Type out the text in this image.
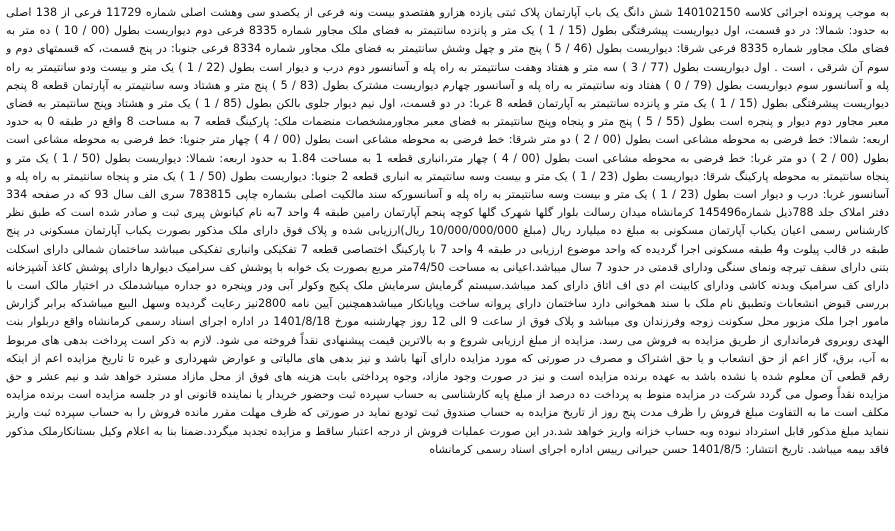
به موجب پرونده اجرائی کلاسه 140102150 شش دانگ یک باب آپارتمان پلاک ثبتی یازده هزارو هفتصدو بیست ونه فرعی از یکصدو سی وهشت اصلی شماره 11729 فرعی از 138 اصلی به حدود: شمالا: در دو قسمت، اول دیواریست پیشرفتگی بطول (15 / 1 ) یک متر و پانزده سانتیمتر به فضای ملک مجاور شماره 8335 فرعی دوم دیواریست بطول (00 / 10 ) ده متر به فضای ملک مجاور شماره 8335 فرعی شرقا: دیواریست بطول (46 / 5 ) پنج متر و چهل وشش سانتیمتر به فضای ملک مجاور شماره 8334 فرعی جنوبا: در پنج قسمت، که قسمتهای دوم و سوم آن شرقی ، است . اول دیواریست بطول (77 / 3 ) سه متر و هفتاد وهفت سانتیمتر به راه پله و آسانسور دوم درب و دیوار است بطول (22 / 1 ) یک متر و بیست ودو سانتیمتر به راه پله و آسانسور سوم دیواریست بطول (79 / 0 ) هفتاد ونه سانتیمتر به راه پله و آسانسور چهارم دیواریست مشترک بطول (83 / 5 ) پنج متر و هشتاد وسه سانتیمتر به آپارتمان قطعه 8 پنجم دیواریست پیشرفتگی بطول (15 / 1 ) یک متر و پانزده سانتیمتر به آپارتمان قطعه 8 غربا: در دو قسمت، اول نیم دیوار جلوی بالکن بطول (85 / 1 ) یک متر و هشتاد وپنج سانتیمتر به فضای معبر مجاور دوم دیوار و پنجره است بطول (55 / 5 ) پنج متر و پنجاه وپنج سانتیمتر به فضای معبر مجاورمشخصات منضمات ملک: پارکینگ قطعه 7 به مساحت 8 واقع در طبقه 0 به حدود اربعه: شمالا: خط فرضی به محوطه مشاعی است بطول (00 / 2 ) دو متر شرقا: خط فرضی به محوطه مشاعی است بطول (00 / 4 ) چهار متر جنوبا: خط فرضی به محوطه مشاعی است بطول (00 / 2 ) دو متر غربا: خط فرضی به محوطه مشاعی است بطول (00 / 4 ) چهار متر،انباری قطعه 1 به مساحت 1.84 به حدود اربعه: شمالا: دیواریست بطول (50 / 1 ) یک متر و پنجاه سانتیمتر به محوطه پارکینگ شرقا: دیواریست بطول (23 / 1 ) یک متر و بیست وسه سانتیمتر به انباری قطعه 2 جنوبا: دیواریست بطول (50 / 1 ) یک متر و پنجاه سانتیمتر به راه پله و آسانسور غربا: درب و دیوار است بطول (23 / 1 ) یک متر و بیست وسه سانتیمتر به راه پله و آسانسورکه سند مالکیت اصلی بشماره چاپی 783815 سری الف سال 93 که در صفحه 334 دفتر املاک جلد 788ذیل شماره145496 کرمانشاه میدان رسالت بلوار گلها شهرک گلها کوچه پنجم آپارتمان رامین طبقه 4 واحد 7به نام کیانوش پیری ثبت و صادر شده است که طبق نظر کارشناس رسمی اعیان یکباب آپارتمان مسکونی به مبلغ ده میلیارد ریال (مبلغ 10/000/000/000 ریال)ارزیابی شده و پلاک فوق دارای ملک مذکور بصورت یکباب آپارتمان مسکونی در پنج طبقه در قالب پیلوت و4 طبقه مسکونی اجرا گردیده که واحد موضوع ارزیابی در طبقه 4 واحد 7 با پارکینگ اختصاصی قطعه 7 تفکیکی وانباری تفکیکی میباشد ساختمان شمالی دارای اسکلت بتنی دارای سقف تیرچه ونمای سنگی ودارای قدمتی در حدود 7 سال میباشد.اعیانی به مساحت 74/50متر مربع بصورت یک خوابه با پوشش کف سرامیک دیوارها دارای پوشش کاغذ آشپزخانه دارای کف سرامیک وبدنه کاشی ودارای کابینت ام دی اف اتاق دارای کمد میباشد.سیستم گرمایش سرمایش ملک پکیج وکولر آبی ودر وپنجره دو جداره میباشدملک در اختیار مالک است با بررسی قبوض انشعابات وتطبیق نام ملک با سند همخوانی دارد ساختمان دارای پروانه ساخت وپایانکار میباشدهمچنین آیین نامه 2800نیز رعایت گردیده وسهل البیع میباشدکه برابر گزارش مامور اجرا ملک مزبور محل سکونت زوجه وفرزندان وی میباشد و پلاک فوق از ساعت 9 الی 12 روز چهارشنبه مورخ 1401/8/18 در اداره اجرای اسناد رسمی کرمانشاه واقع دربلوار بنت الهدی روبروی فرمانداری از طریق مزایده به فروش می رسد. مزایده از مبلغ ارزیابی شروع و به بالاترین قیمت پیشنهادی نقداً فروخته می شود. لازم به ذکر است پرداخت بدهی های مربوط به آب، برق، گاز اعم از حق انشعاب و یا حق اشتراک و مصرف در صورتی که مورد مزایده دارای آنها باشد و نیز بدهی های مالیاتی و عوارض شهرداری و غیره تا تاریخ مزایده اعم از اینکه رقم قطعی آن معلوم شده یا نشده باشد به عهده برنده مزایده است و نیز در صورت وجود مازاد، وجوه پرداختی بابت هزینه های فوق از محل مازاد مسترد خواهد شد و نیم عشر و حق مزایده نقداً وصول می گردد شرکت در مزایده منوط به پرداخت ده درصد از مبلغ پایه کارشناسی به حساب سپرده ثبت وحضور خریدار یا نماینده قانونی او در جلسه مزایده است برنده مزایده مکلف است ما به التفاوت مبلغ فروش را ظرف مدت پنج روز از تاریخ مزایده به حساب صندوق ثبت تودیع نماید در صورتی که ظرف مهلت مقرر مانده فروش را به حساب سپرده ثبت واریز ننماید مبلغ مذکور قابل استرداد نبوده وبه حساب خزانه واریز خواهد شد.در این صورت عملیات فروش از درجه اعتبار ساقط و مزایده تجدید میگردد.ضمنا بنا به اعلام وکیل بستانکارملک مذکور فاقد بیمه میباشد. تاریخ انتشار: 1401/8/5 حسن حیرانی رییس اداره اجرای اسناد رسمی کرمانشاه
